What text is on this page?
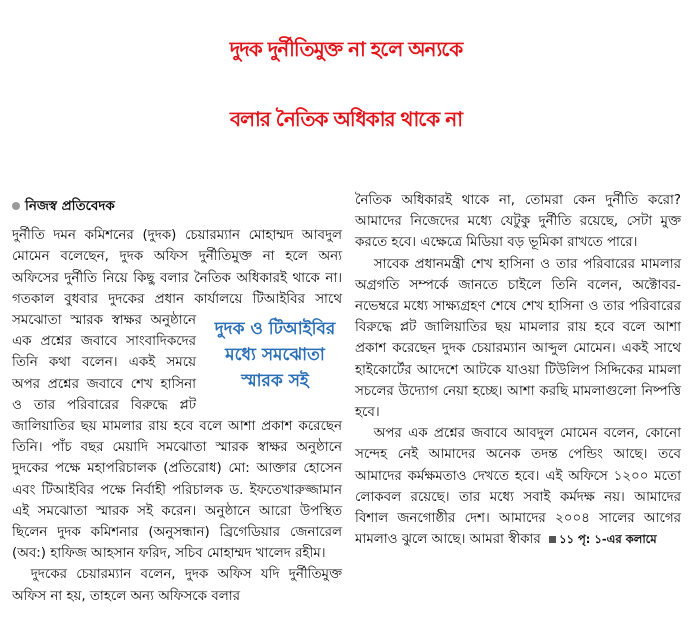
দুদক দুর্নীতিমুক্ত না হলে অন্যকে
বলার নৈতিক অধিকার থাকে না

নিজস্ব প্রতিবেদক

দুর্নীতি দমন কমিশনের (দুদক) চেয়ারম্যান মোহাম্মদ আবদুল মোমেন বলেছেন, দুদক অফিস দুর্নীতিমুক্ত না হলে অন্য অফিসের দুর্নীতি নিয়ে কিছু বলার নৈতিক অধিকারই থাকে না। গতকাল বুধবার দুদকের প্রধান কার্যালয়ে টিআইবির সাথে সমঝোতা	দুদক ও টিআইবির
মধ্যে সমঝোতা
স্মারক সই
স্মারক স্বাক্ষর অনুষ্ঠানে এক প্রশ্নের জবাবে সাংবাদিকদের তিনি কথা বলেন। একই সময়ে অপর প্রশ্নের জবাবে শেখ হাসিনা ও তার পরিবারের বিরুদ্ধে প্লট জালিয়াতির ছয় মামলার রায় হবে বলে আশা প্রকাশ করেছেন তিনি। পাঁচ বছর মেয়াদি সমঝোতা স্মারক স্বাক্ষর অনুষ্ঠানে দুদকের পক্ষে মহাপরিচালক (প্রতিরোধ) মো: আক্তার হোসেন এবং টিআইবির পক্ষে নির্বাহী পরিচালক ড. ইফতেখারুজ্জামান এই সমঝোতা স্মারক সই করেন। অনুষ্ঠানে আরো উপস্থিত ছিলেন দুদক কমিশনার (অনুসন্ধান) ব্রিগেডিয়ার জেনারেল (অব:) হাফিজ আহসান ফরিদ, সচিব মোহাম্মদ খালেদ রহীম।

দুদকের চেয়ারম্যান বলেন, দুদক অফিস যদি দুর্নীতিমুক্ত অফিস না হয়, তাহলে অন্য অফিসকে বলার

নৈতিক অধিকারই থাকে না, তোমরা কেন দুর্নীতি করো? আমাদের নিজেদের মধ্যে যেটুকু দুর্নীতি রয়েছে, সেটা মুক্ত করতে হবে। এক্ষেত্রে মিডিয়া বড় ভূমিকা রাখতে পারে।

সাবেক প্রধানমন্ত্রী শেখ হাসিনা ও তার পরিবারের মামলার অগ্রগতি সম্পর্কে জানতে চাইলে তিনি বলেন, অক্টোবর-নভেম্বরে মধ্যে সাক্ষ্যগ্রহণ শেষে শেখ হাসিনা ও তার পরিবারের বিরুদ্ধে প্লট জালিয়াতির ছয় মামলার রায় হবে বলে আশা প্রকাশ করেছেন দুদক চেয়ারম্যান আব্দুল মোমেন। একই সাথে হাইকোর্টের আদেশে আটকে যাওয়া টিউলিপ সিদ্দিকের মামলা সচলের উদ্যোগ নেয়া হচ্ছে। আশা করছি মামলাগুলো নিষ্পত্তি হবে।

অপর এক প্রশ্নের জবাবে আবদুল মোমেন বলেন, কোনো সন্দেহ নেই আমাদের অনেক তদন্ত পেন্ডিং আছে। তবে আমাদের কর্মক্ষমতাও দেখতে হবে। এই অফিসে ১২০০ মতো লোকবল রয়েছে। তার মধ্যে সবাই কর্মদক্ষ নয়। আমাদের বিশাল জনগোষ্ঠীর দেশ। আমাদের ২০০৪ সালের আগের মামলাও ঝুলে আছে। আমরা স্বীকার ১১ পৃ: ১-এর কলামে
